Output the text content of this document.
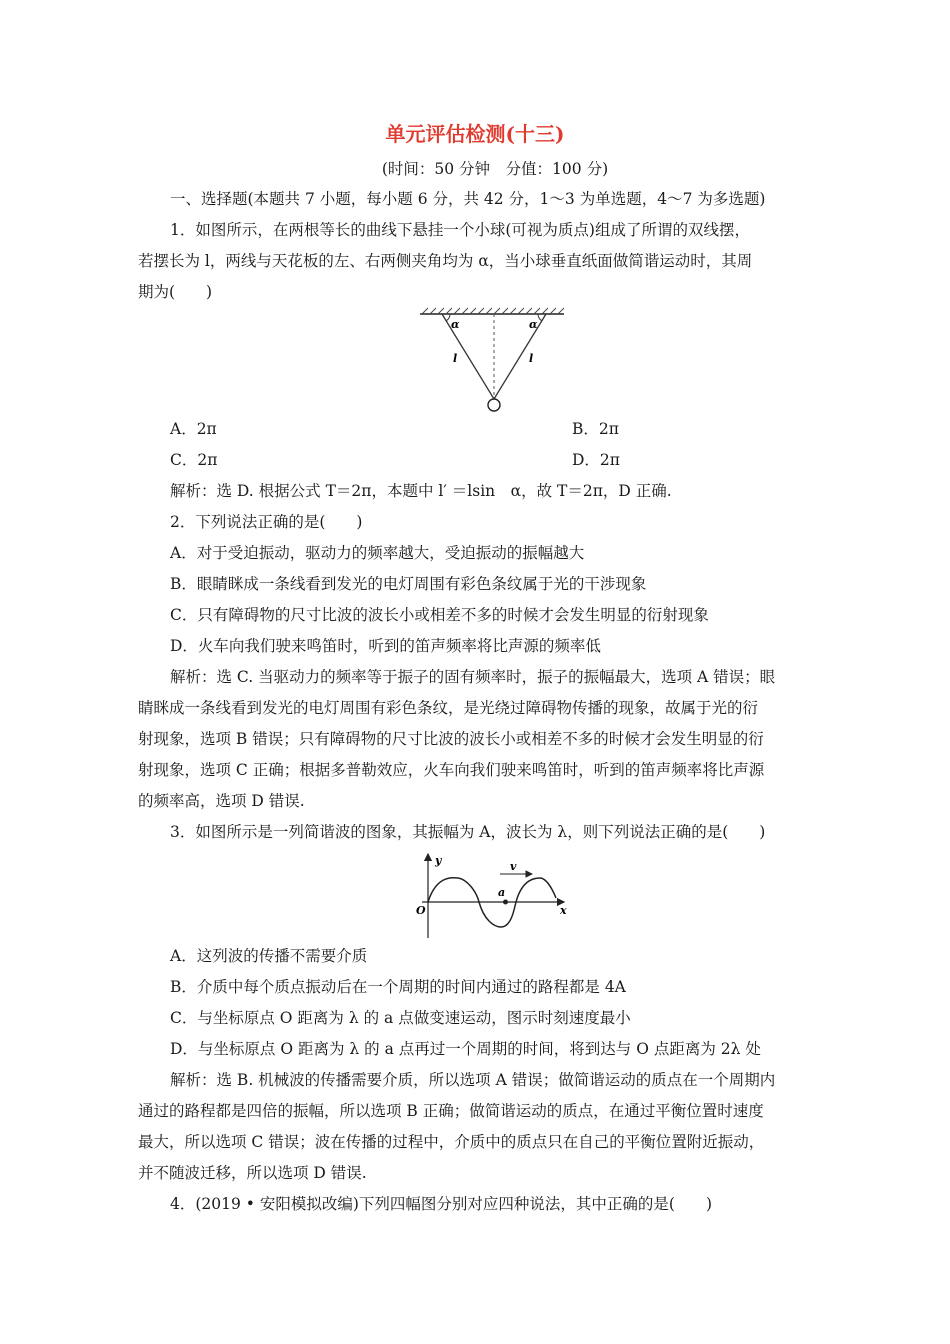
单元评估检测(十三)
(时间：50 分钟　分值：100 分)
一、选择题(本题共 7 小题，每小题 6 分，共 42 分，1～3 为单选题，4～7 为多选题)
1．如图所示，在两根等长的曲线下悬挂一个小球(可视为质点)组成了所谓的双线摆，
若摆长为 l，两线与天花板的左、右两侧夹角均为 α，当小球垂直纸面做简谐运动时，其周
期为(　　)
α	α
l	l
A．2π	B．2π
C．2π	D．2π
解析：选 D. 根据公式 T＝2π，本题中 l′ ＝lsin　α，故 T＝2π，D 正确.
2．下列说法正确的是(　　)
A．对于受迫振动，驱动力的频率越大，受迫振动的振幅越大
B．眼睛眯成一条线看到发光的电灯周围有彩色条纹属于光的干涉现象
C．只有障碍物的尺寸比波的波长小或相差不多的时候才会发生明显的衍射现象
D．火车向我们驶来鸣笛时，听到的笛声频率将比声源的频率低
解析：选 C. 当驱动力的频率等于振子的固有频率时，振子的振幅最大，选项 A 错误；眼
睛眯成一条线看到发光的电灯周围有彩色条纹，是光绕过障碍物传播的现象，故属于光的衍
射现象，选项 B 错误；只有障碍物的尺寸比波的波长小或相差不多的时候才会发生明显的衍
射现象，选项 C 正确；根据多普勒效应，火车向我们驶来鸣笛时，听到的笛声频率将比声源
的频率高，选项 D 错误.
3．如图所示是一列简谐波的图象，其振幅为 A，波长为 λ，则下列说法正确的是(　　)
y
x
O
v
a
A．这列波的传播不需要介质
B．介质中每个质点振动后在一个周期的时间内通过的路程都是 4A
C．与坐标原点 O 距离为 λ 的 a 点做变速运动，图示时刻速度最小
D．与坐标原点 O 距离为 λ 的 a 点再过一个周期的时间，将到达与 O 点距离为 2λ 处
解析：选 B. 机械波的传播需要介质，所以选项 A 错误；做简谐运动的质点在一个周期内
通过的路程都是四倍的振幅，所以选项 B 正确；做简谐运动的质点，在通过平衡位置时速度
最大，所以选项 C 错误；波在传播的过程中，介质中的质点只在自己的平衡位置附近振动，
并不随波迁移，所以选项 D 错误.
4．(2019 • 安阳模拟改编)下列四幅图分别对应四种说法，其中正确的是(　　)
